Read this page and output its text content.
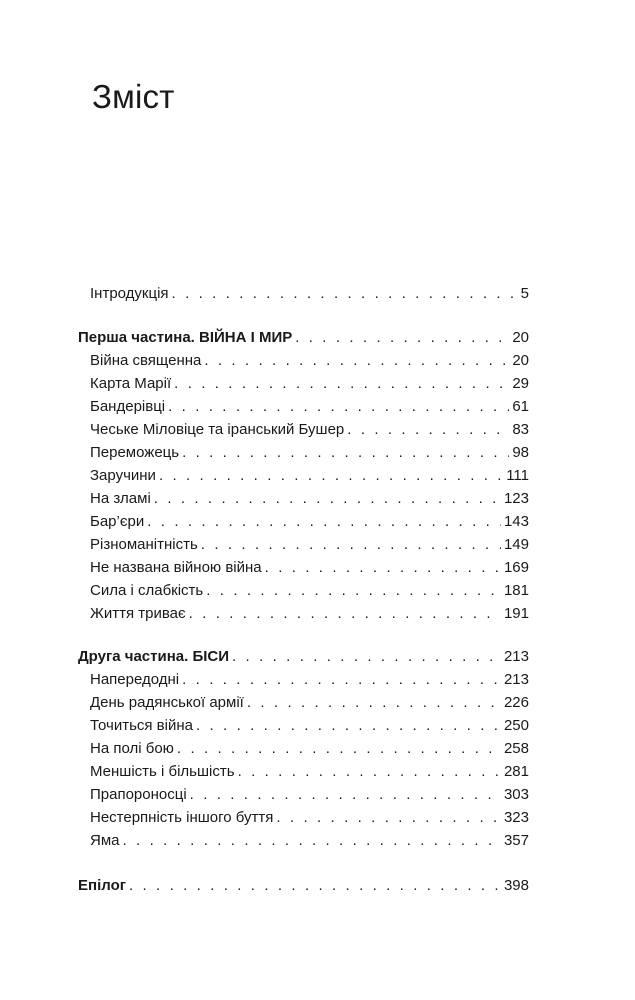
Зміст
Інтродукція . . .	5
Перша частина. ВІЙНА І МИР . . .	20
Війна священна . . .	20
Карта Марії . . .	29
Бандерівці . . .	61
Чеське Міловіце та іранський Бушер . . .	83
Переможець . . .	98
Заручини . . .	111
На зламі . . .	123
Бар’єри . . .	143
Різноманітність . . .	149
Не названа війною війна . . .	169
Сила і слабкість . . .	181
Життя триває . . .	191
Друга частина. БІСИ . . .	213
Напередодні . . .	213
День радянської армії . . .	226
Точиться війна . . .	250
На полі бою . . .	258
Меншість і більшість . . .	281
Прапороносці . . .	303
Нестерпність іншого буття . . .	323
Яма . . .	357
Епілог . . .	398
